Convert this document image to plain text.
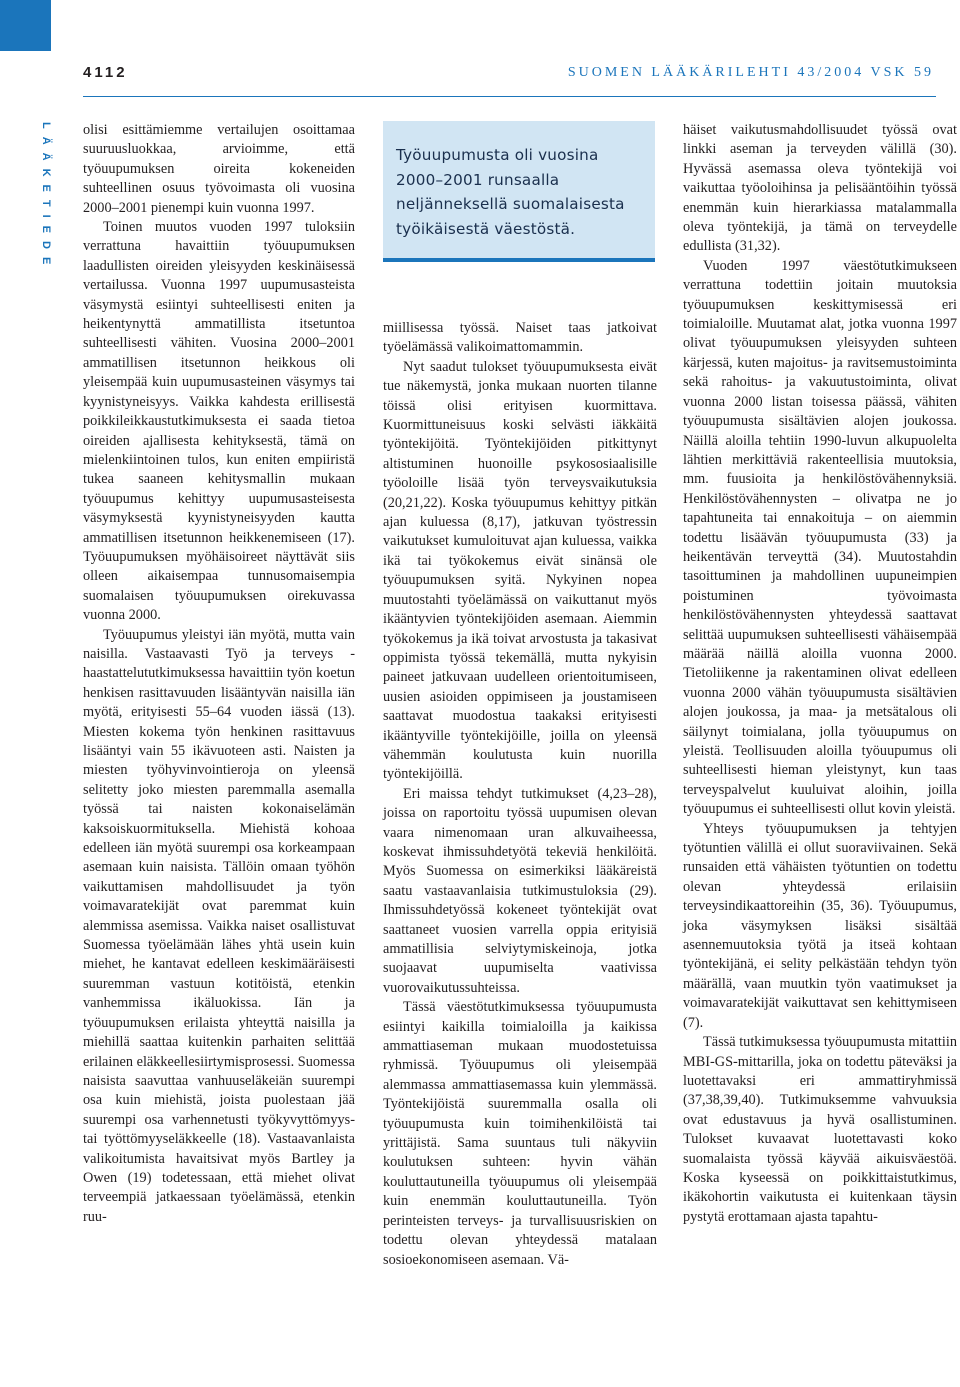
4112	SUOMEN LÄÄKÄRILEHTI 43/2004 VSK 59

LÄÄKETIEDE	Työuupumusta oli vuosina 2000–2001 runsaalla neljänneksellä suomalaisesta työikäisestä väestöstä.

olisi esittämiemme vertailujen osoittamaa suuruusluokkaa, arvioimme, että työuupumuksen oireita kokeneiden suhteellinen osuus työvoimasta oli vuosina 2000–2001 pienempi kuin vuonna 1997.

Toinen muutos vuoden 1997 tuloksiin verrattuna havaittiin työuupumuksen laadullisten oireiden yleisyyden keskinäisessä vertailussa. Vuonna 1997 uupumusasteista väsymystä esiintyi suhteellisesti eniten ja heikentynyttä ammatillista itsetuntoa suhteellisesti vähiten. Vuosina 2000–2001 ammatillisen itsetunnon heikkous oli yleisempää kuin uupumusasteinen väsymys tai kyynistyneisyys. Vaikka kahdesta erillisestä poikkileikkaustutkimuksesta ei saada tietoa oireiden ajallisesta kehityksestä, tämä on mielenkiintoinen tulos, kun eniten empiiristä tukea saaneen kehitysmallin mukaan työuupumus kehittyy uupumusasteisesta väsymyksestä kyynistyneisyyden kautta ammatillisen itsetunnon heikkenemiseen (17). Työuupumuksen myöhäisoireet näyttävät siis olleen aikaisempaa tunnusomaisempia suomalaisen työuupumuksen oirekuvassa vuonna 2000.

Työuupumus yleistyi iän myötä, mutta vain naisilla. Vastaavasti Työ ja terveys -haastattelututkimuksessa havaittiin työn koetun henkisen rasittavuuden lisääntyvän naisilla iän myötä, erityisesti 55–64 vuoden iässä (13). Miesten kokema työn henkinen rasittavuus lisääntyi vain 55 ikävuoteen asti. Naisten ja miesten työhyvinvointieroja on yleensä selitetty joko miesten paremmalla asemalla työssä tai naisten kokonaiselämän kaksoiskuormituksella. Miehistä kohoaa edelleen iän myötä suurempi osa korkeampaan asemaan kuin naisista. Tällöin omaan työhön vaikuttamisen mahdollisuudet ja työn voimavaratekijät ovat paremmat kuin alemmissa asemissa. Vaikka naiset osallistuvat Suomessa työelämään lähes yhtä usein kuin miehet, he kantavat edelleen keskimääräisesti suuremman vastuun kotitöistä, etenkin vanhemmissa ikäluokissa. Iän ja työuupumuksen erilaista yhteyttä naisilla ja miehillä saattaa kuitenkin parhaiten selittää erilainen eläkkeellesiirtymisprosessi. Suomessa naisista saavuttaa vanhuuseläkeiän suurempi osa kuin miehistä, joista puolestaan jää suurempi osa varhennetusti työkyvyttömyys- tai työttömyyseläkkeelle (18). Vastaavanlaista valikoitumista havaitsivat myös Bartley ja Owen (19) todetessaan, että miehet olivat terveempiä jatkaessaan työelämässä, etenkin ruu-

miillisessa työssä. Naiset taas jatkoivat työelämässä valikoimattomammin.

Nyt saadut tulokset työuupumuksesta eivät tue näkemystä, jonka mukaan nuorten tilanne töissä olisi erityisen kuormittava. Kuormittuneisuus koski selvästi iäkkäitä työntekijöitä. Työntekijöiden pitkittynyt altistuminen huonoille psykososiaalisille työoloille lisää työn terveysvaikutuksia (20,21,22). Koska työuupumus kehittyy pitkän ajan kuluessa (8,17), jatkuvan työstressin vaikutukset kumuloituvat ajan kuluessa, vaikka ikä tai työkokemus eivät sinänsä ole työuupumuksen syitä. Nykyinen nopea muutostahti työelämässä on vaikuttanut myös ikääntyvien työntekijöiden asemaan. Aiemmin työkokemus ja ikä toivat arvostusta ja takasivat oppimista työssä tekemällä, mutta nykyisin paineet jatkuvaan uudelleen orientoitumiseen, uusien asioiden oppimiseen ja joustamiseen saattavat muodostua taakaksi erityisesti ikääntyville työntekijöille, joilla on yleensä vähemmän koulutusta kuin nuorilla työntekijöillä.

Eri maissa tehdyt tutkimukset (4,23–28), joissa on raportoitu työssä uupumisen olevan vaara nimenomaan uran alkuvaiheessa, koskevat ihmissuhdetyötä tekeviä henkilöitä. Myös Suomessa on esimerkiksi lääkäreistä saatu vastaavanlaisia tutkimustuloksia (29). Ihmissuhdetyössä kokeneet työntekijät ovat saattaneet vuosien varrella oppia erityisiä ammatillisia selviytymiskeinoja, jotka suojaavat uupumiselta vaativissa vuorovaikutussuhteissa.

Tässä väestötutkimuksessa työuupumusta esiintyi kaikilla toimialoilla ja kaikissa ammattiaseman mukaan muodostetuissa ryhmissä. Työuupumus oli yleisempää alemmassa ammattiasemassa kuin ylemmässä. Työntekijöistä suuremmalla osalla oli työuupumusta kuin toimihenkilöistä tai yrittäjistä. Sama suuntaus tuli näkyviin koulutuksen suhteen: hyvin vähän kouluttautuneilla työuupumus oli yleisempää kuin enemmän kouluttautuneilla. Työn perinteisten terveys- ja turvallisuusriskien on todettu olevan yhteydessä matalaan sosioekonomiseen asemaan. Vä-

häiset vaikutusmahdollisuudet työssä ovat linkki aseman ja terveyden välillä (30). Hyvässä asemassa oleva työntekijä voi vaikuttaa työoloihinsa ja pelisääntöihin työssä enemmän kuin hierarkiassa matalammalla oleva työntekijä, ja tämä on terveydelle edullista (31,32).

Vuoden 1997 väestötutkimukseen verrattuna todettiin joitain muutoksia työuupumuksen keskittymisessä eri toimialoille. Muutamat alat, jotka vuonna 1997 olivat työuupumuksen yleisyyden suhteen kärjessä, kuten majoitus- ja ravitsemustoiminta sekä rahoitus- ja vakuutustoiminta, olivat vuonna 2000 listan toisessa päässä, vähiten työuupumusta sisältävien alojen joukossa. Näillä aloilla tehtiin 1990-luvun alkupuolelta lähtien merkittäviä rakenteellisia muutoksia, mm. fuusioita ja henkilöstövähennyksiä. Henkilöstövähennysten – olivatpa ne jo tapahtuneita tai ennakoituja – on aiemmin todettu lisäävän työuupumusta (33) ja heikentävän terveyttä (34). Muutostahdin tasoittuminen ja mahdollinen uupuneimpien poistuminen työvoimasta henkilöstövähennysten yhteydessä saattavat selittää uupumuksen suhteellisesti vähäisempää määrää näillä aloilla vuonna 2000. Tietoliikenne ja rakentaminen olivat edelleen vuonna 2000 vähän työuupumusta sisältävien alojen joukossa, ja maa- ja metsätalous oli säilynyt toimialana, jolla työuupumus on yleistä. Teollisuuden aloilla työuupumus oli suhteellisesti hieman yleistynyt, kun taas terveyspalvelut kuuluivat aloihin, joilla työuupumus ei suhteellisesti ollut kovin yleistä.

Yhteys työuupumuksen ja tehtyjen työtuntien välillä ei ollut suoraviivainen. Sekä runsaiden että vähäisten työtuntien on todettu olevan yhteydessä erilaisiin terveysindikaattoreihin (35, 36). Työuupumus, joka väsymyksen lisäksi sisältää asennemuutoksia työtä ja itseä kohtaan työntekijänä, ei selity pelkästään tehdyn työn määrällä, vaan muutkin työn vaatimukset ja voimavaratekijät vaikuttavat sen kehittymiseen (7).

Tässä tutkimuksessa työuupumusta mitattiin MBI-GS-mittarilla, joka on todettu päteväksi ja luotettavaksi eri ammattiryhmissä (37,38,39,40). Tutkimuksemme vahvuuksia ovat edustavuus ja hyvä osallistuminen. Tulokset kuvaavat luotettavasti koko suomalaista työssä käyvää aikuisväestöä. Koska kyseessä on poikkittaistutkimus, ikäkohortin vaikutusta ei kuitenkaan täysin pystytä erottamaan ajasta tapahtu-
